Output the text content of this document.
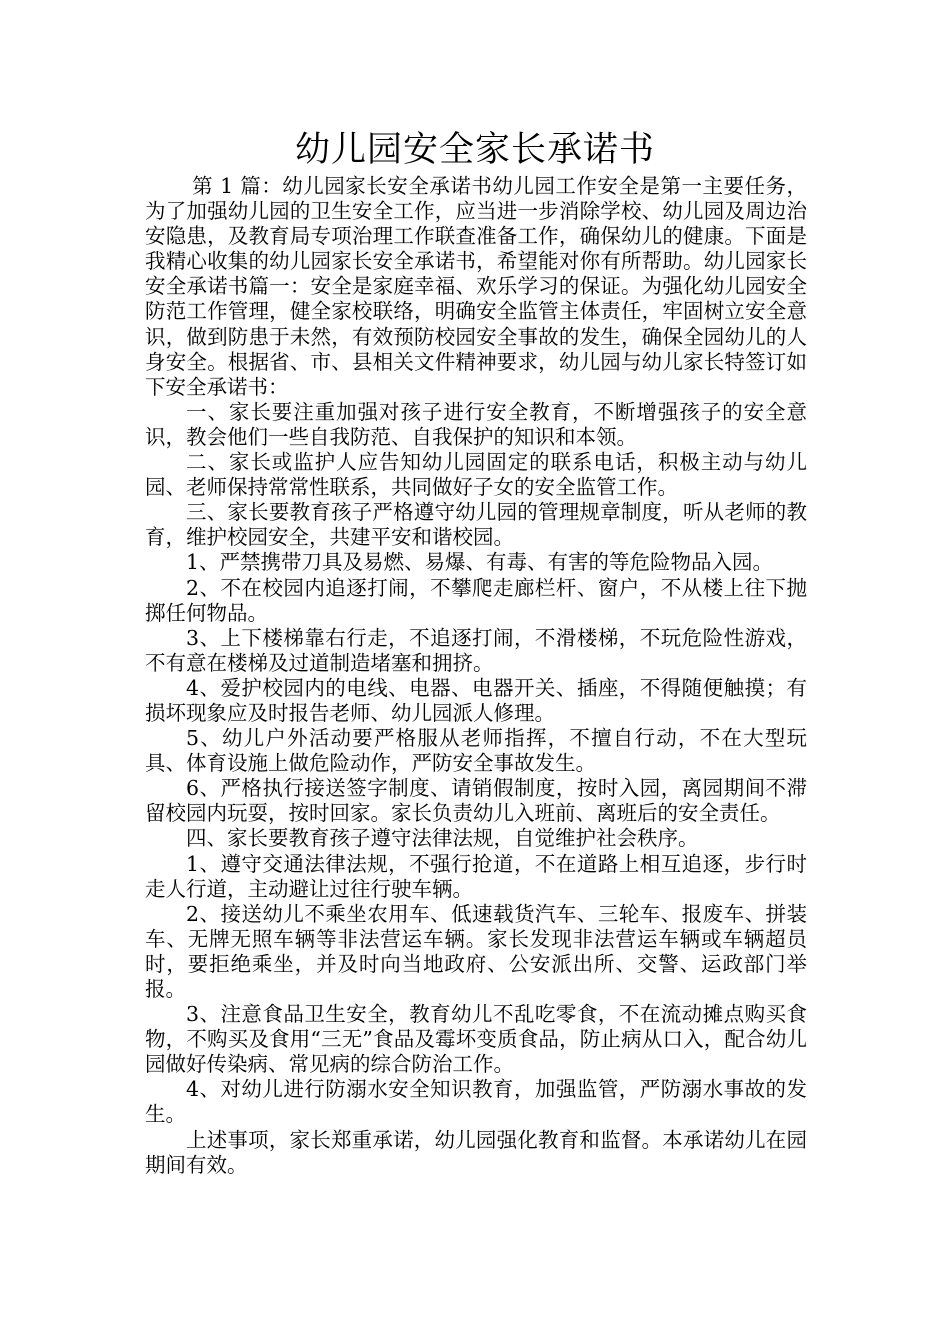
幼儿园安全家长承诺书

第 1 篇：幼儿园家长安全承诺书幼儿园工作安全是第一主要任务，为了加强幼儿园的卫生安全工作，应当进一步消除学校、幼儿园及周边治安隐患，及教育局专项治理工作联查准备工作，确保幼儿的健康。下面是我精心收集的幼儿园家长安全承诺书，希望能对你有所帮助。幼儿园家长安全承诺书篇一：安全是家庭幸福、欢乐学习的保证。为强化幼儿园安全防范工作管理，健全家校联络，明确安全监管主体责任，牢固树立安全意识，做到防患于未然，有效预防校园安全事故的发生，确保全园幼儿的人身安全。根据省、市、县相关文件精神要求，幼儿园与幼儿家长特签订如下安全承诺书：

一、家长要注重加强对孩子进行安全教育，不断增强孩子的安全意识，教会他们一些自我防范、自我保护的知识和本领。

二、家长或监护人应告知幼儿园固定的联系电话，积极主动与幼儿园、老师保持常常性联系，共同做好子女的安全监管工作。

三、家长要教育孩子严格遵守幼儿园的管理规章制度，听从老师的教育，维护校园安全，共建平安和谐校园。

1、严禁携带刀具及易燃、易爆、有毒、有害的等危险物品入园。

2、不在校园内追逐打闹，不攀爬走廊栏杆、窗户，不从楼上往下抛掷任何物品。

3、上下楼梯靠右行走，不追逐打闹，不滑楼梯，不玩危险性游戏，不有意在楼梯及过道制造堵塞和拥挤。

4、爱护校园内的电线、电器、电器开关、插座，不得随便触摸；有损坏现象应及时报告老师、幼儿园派人修理。

5、幼儿户外活动要严格服从老师指挥，不擅自行动，不在大型玩具、体育设施上做危险动作，严防安全事故发生。

6、严格执行接送签字制度、请销假制度，按时入园，离园期间不滞留校园内玩耍，按时回家。家长负责幼儿入班前、离班后的安全责任。

四、家长要教育孩子遵守法律法规，自觉维护社会秩序。

1、遵守交通法律法规，不强行抢道，不在道路上相互追逐，步行时走人行道，主动避让过往行驶车辆。

2、接送幼儿不乘坐农用车、低速载货汽车、三轮车、报废车、拼装车、无牌无照车辆等非法营运车辆。家长发现非法营运车辆或车辆超员时，要拒绝乘坐，并及时向当地政府、公安派出所、交警、运政部门举报。

3、注意食品卫生安全，教育幼儿不乱吃零食，不在流动摊点购买食物，不购买及食用“三无”食品及霉坏变质食品，防止病从口入，配合幼儿园做好传染病、常见病的综合防治工作。

4、对幼儿进行防溺水安全知识教育，加强监管，严防溺水事故的发生。

上述事项，家长郑重承诺，幼儿园强化教育和监督。本承诺幼儿在园期间有效。
